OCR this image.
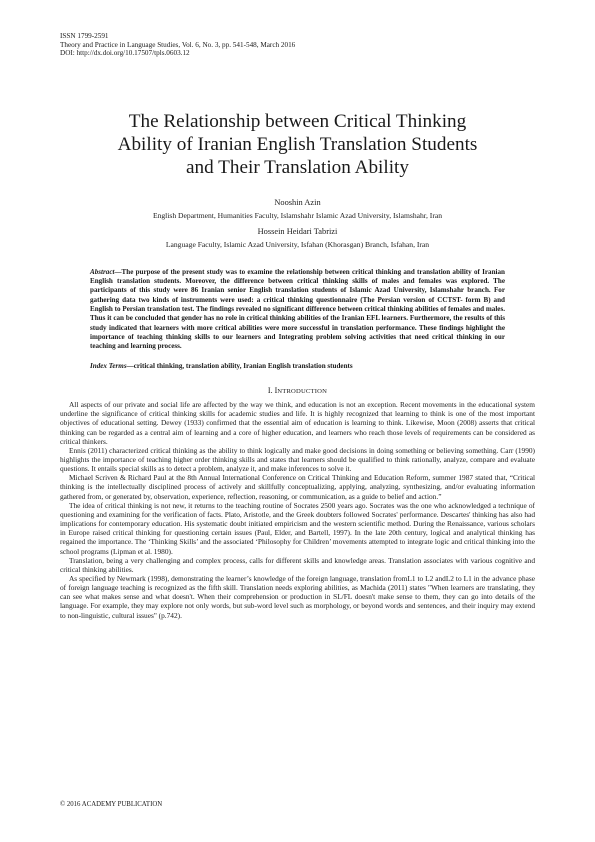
ISSN 1799-2591
Theory and Practice in Language Studies, Vol. 6, No. 3, pp. 541-548, March 2016
DOI: http://dx.doi.org/10.17507/tpls.0603.12
The Relationship between Critical Thinking
Ability of Iranian English Translation Students
and Their Translation Ability
Nooshin Azin
English Department, Humanities Faculty, Islamshahr Islamic Azad University, Islamshahr, Iran
Hossein Heidari Tabrizi
Language Faculty, Islamic Azad University, Isfahan (Khorasgan) Branch, Isfahan, Iran
Abstract—The purpose of the present study was to examine the relationship between critical thinking and translation ability of Iranian English translation students. Moreover, the difference between critical thinking skills of males and females was explored. The participants of this study were 86 Iranian senior English translation students of Islamic Azad University, Islamshahr branch. For gathering data two kinds of instruments were used: a critical thinking questionnaire (The Persian version of CCTST- form B) and English to Persian translation test. The findings revealed no significant difference between critical thinking abilities of females and males. Thus it can be concluded that gender has no role in critical thinking abilities of the Iranian EFL learners. Furthermore, the results of this study indicated that learners with more critical abilities were more successful in translation performance. These findings highlight the importance of teaching thinking skills to our learners and Integrating problem solving activities that need critical thinking in our teaching and learning process.
Index Terms—critical thinking, translation ability, Iranian English translation students
I. INTRODUCTION

All aspects of our private and social life are affected by the way we think, and education is not an exception. Recent movements in the educational system underline the significance of critical thinking skills for academic studies and life. It is highly recognized that learning to think is one of the most important objectives of educational setting. Dewey (1933) confirmed that the essential aim of education is learning to think. Likewise, Moon (2008) asserts that critical thinking can be regarded as a central aim of learning and a core of higher education, and learners who reach those levels of requirements can be considered as critical thinkers.

Ennis (2011) characterized critical thinking as the ability to think logically and make good decisions in doing something or believing something. Carr (1990) highlights the importance of teaching higher order thinking skills and states that learners should be qualified to think rationally, analyze, compare and evaluate questions. It entails special skills as to detect a problem, analyze it, and make inferences to solve it.

Michael Scriven & Richard Paul at the 8th Annual International Conference on Critical Thinking and Education Reform, summer 1987 stated that, “Critical thinking is the intellectually disciplined process of actively and skillfully conceptualizing, applying, analyzing, synthesizing, and/or evaluating information gathered from, or generated by, observation, experience, reflection, reasoning, or communication, as a guide to belief and action.”

The idea of critical thinking is not new, it returns to the teaching routine of Socrates 2500 years ago. Socrates was the one who acknowledged a technique of questioning and examining for the verification of facts. Plato, Aristotle, and the Greek doubters followed Socrates' performance. Descartes' thinking has also had implications for contemporary education. His systematic doubt initiated empiricism and the western scientific method. During the Renaissance, various scholars in Europe raised critical thinking for questioning certain issues (Paul, Elder, and Bartell, 1997). In the late 20th century, logical and analytical thinking has regained the importance. The ‘Thinking Skills’ and the associated ‘Philosophy for Children’ movements attempted to integrate logic and critical thinking into the school programs (Lipman et al. 1980).

Translation, being a very challenging and complex process, calls for different skills and knowledge areas. Translation associates with various cognitive and critical thinking abilities.

As specified by Newmark (1998), demonstrating the learner’s knowledge of the foreign language, translation fromL1 to L2 andL2 to L1 in the advance phase of foreign language teaching is recognized as the fifth skill. Translation needs exploring abilities, as Machida (2011) states "When learners are translating, they can see what makes sense and what doesn't. When their comprehension or production in SL/FL doesn't make sense to them, they can go into details of the language. For example, they may explore not only words, but sub-word level such as morphology, or beyond words and sentences, and their inquiry may extend to non-linguistic, cultural issues" (p.742).

© 2016 ACADEMY PUBLICATION
